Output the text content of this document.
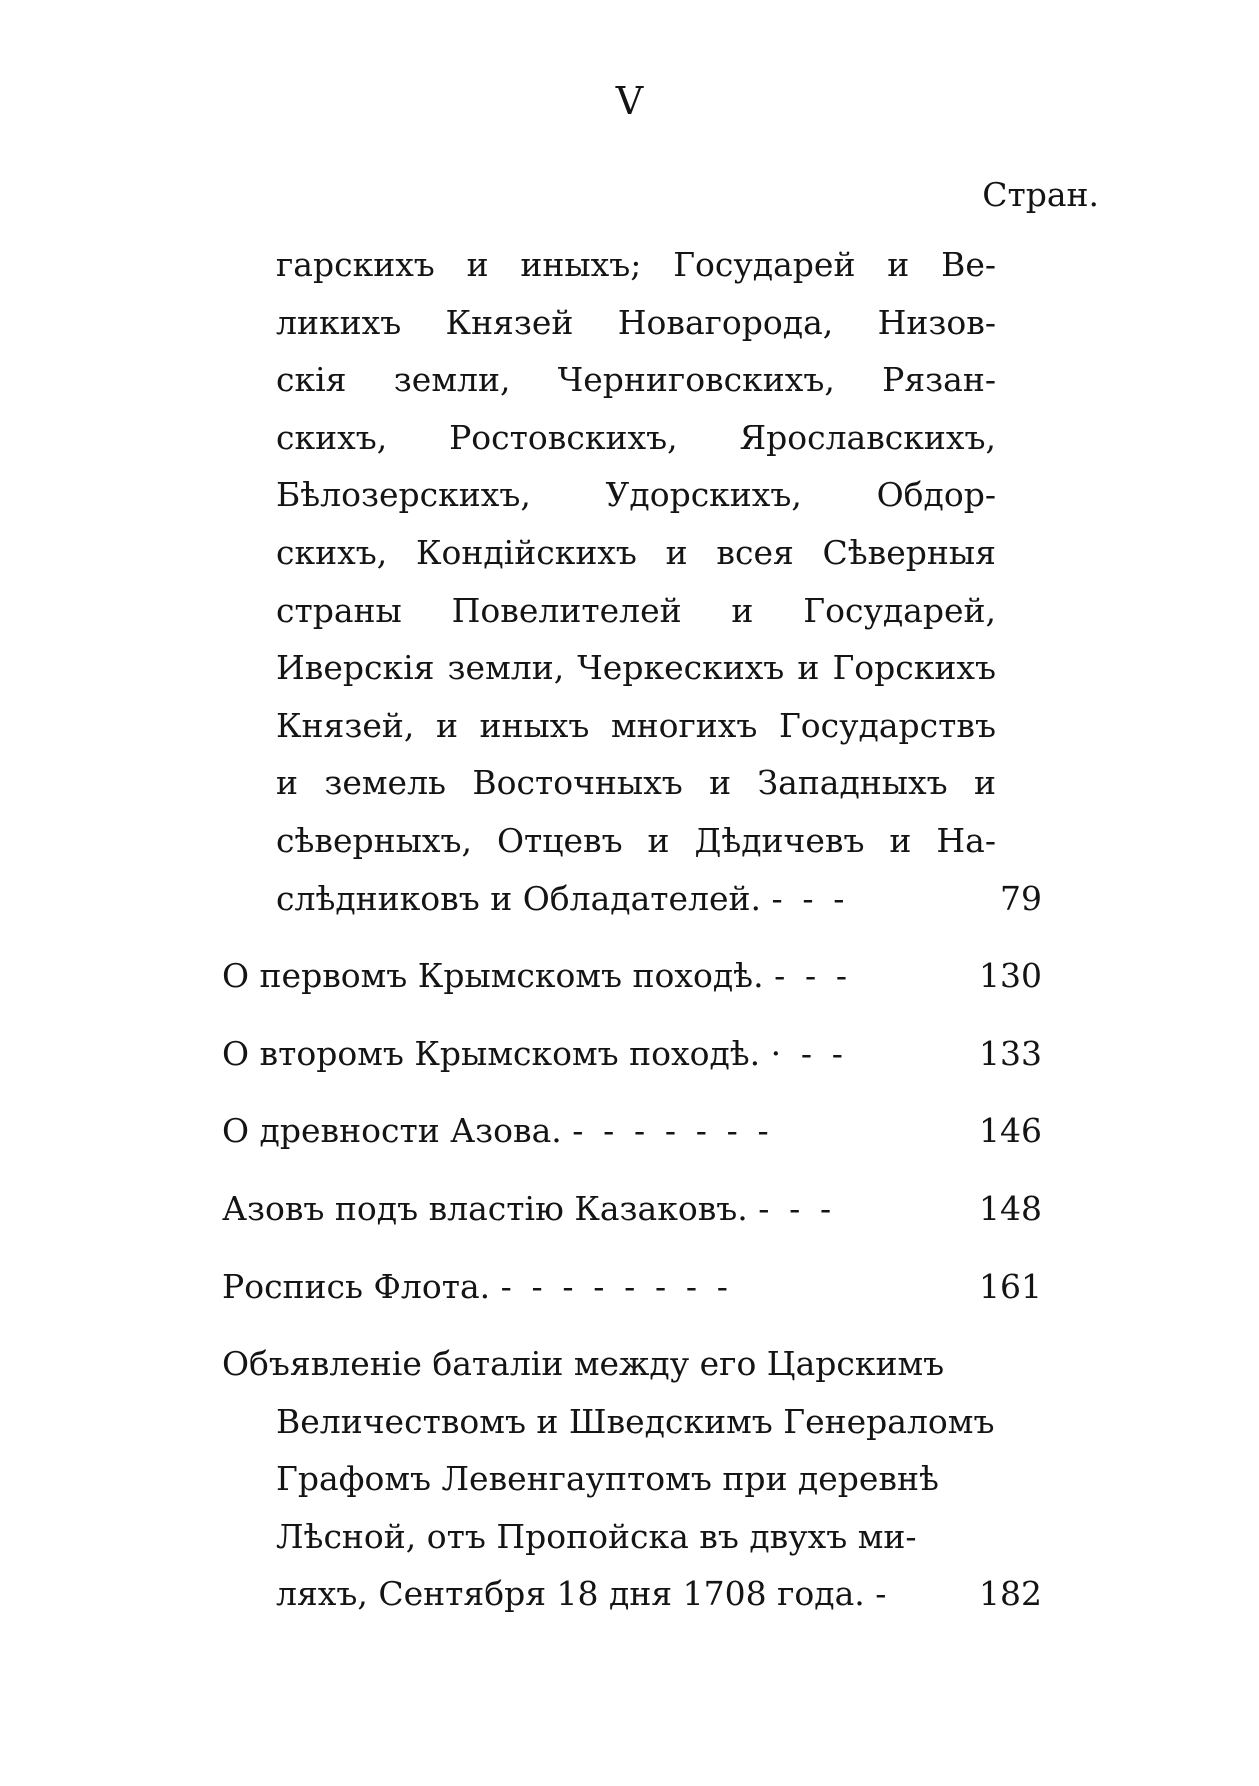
V
Стран.

гарскихъ и иныхъ; Государей и Ве-
ликихъ Князей Новагорода, Низов-
скія земли, Черниговскихъ, Рязан-
скихъ, Ростовскихъ, Ярославскихъ,
Бѣлозерскихъ, Удорскихъ, Обдор-
скихъ, Кондійскихъ и всея Сѣверныя
страны Повелителей и Государей,
Иверскія земли, Черкескихъ и Горскихъ
Князей, и иныхъ многихъ Государствъ
и земель Восточныхъ и Западныхъ и
сѣверныхъ, Отцевъ и Дѣдичевъ и На-
слѣдниковъ и Обладателей. - - -	79

О первомъ Крымскомъ походѣ. - - -	130

О второмъ Крымскомъ походѣ. · - -	133

О древности Азова. - - - - - - -	146

Азовъ подъ властію Казаковъ. - - -	148

Роспись Флота. - - - - - - - -	161

Объявленіе баталіи между его Царскимъ
Величествомъ и Шведскимъ Генераломъ
Графомъ Левенгауптомъ при деревнѣ
Лѣсной, отъ Пропойска въ двухъ ми-
ляхъ, Сентября 18 дня 1708 года. -	182
